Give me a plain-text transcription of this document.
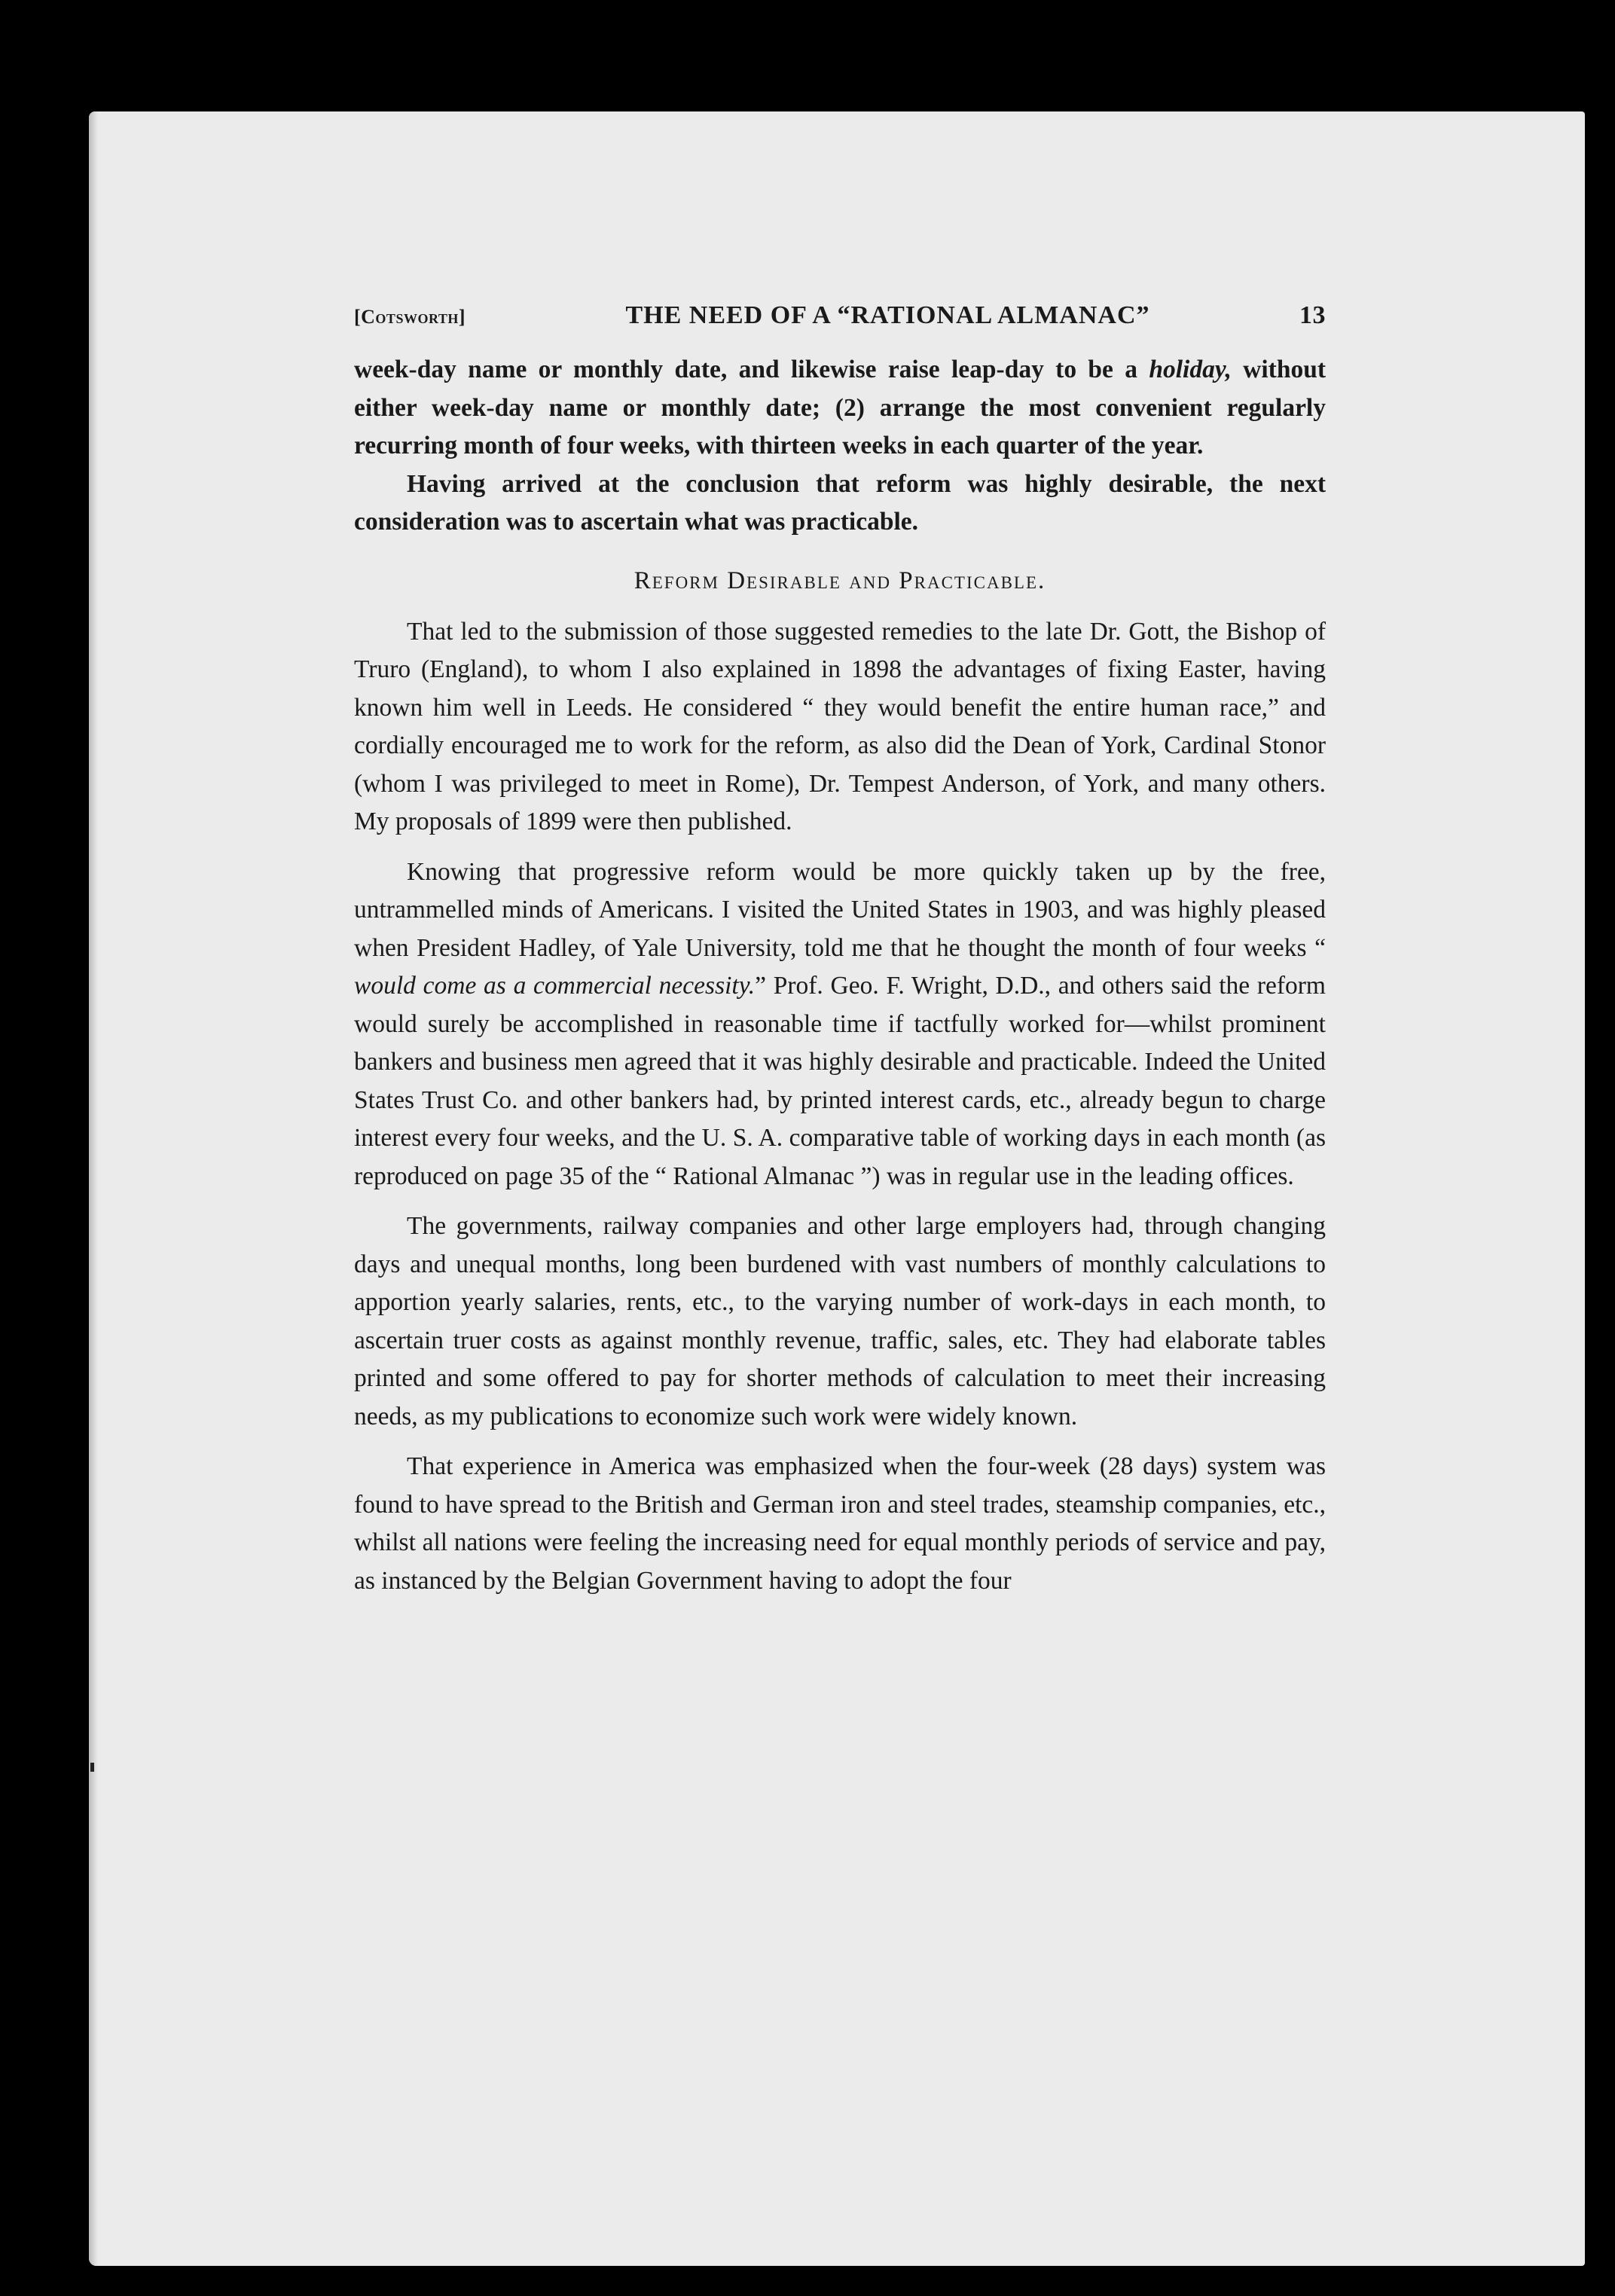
[Cotsworth]	THE NEED OF A “RATIONAL ALMANAC”	13

week-day name or monthly date, and likewise raise leap-day to be a holiday, without either week-day name or monthly date; (2) arrange the most convenient regularly recurring month of four weeks, with thirteen weeks in each quarter of the year.

Having arrived at the conclusion that reform was highly desirable, the next consideration was to ascertain what was practicable.

Reform Desirable and Practicable.

That led to the submission of those suggested remedies to the late Dr. Gott, the Bishop of Truro (England), to whom I also explained in 1898 the advantages of fixing Easter, having known him well in Leeds. He considered “ they would benefit the entire human race,” and cordially encouraged me to work for the reform, as also did the Dean of York, Cardinal Stonor (whom I was privileged to meet in Rome), Dr. Tempest Anderson, of York, and many others. My proposals of 1899 were then published.

Knowing that progressive reform would be more quickly taken up by the free, untrammelled minds of Americans. I visited the United States in 1903, and was highly pleased when President Hadley, of Yale University, told me that he thought the month of four weeks “ would come as a commercial necessity.” Prof. Geo. F. Wright, D.D., and others said the reform would surely be accomplished in reasonable time if tactfully worked for—whilst prominent bankers and business men agreed that it was highly desirable and practicable. Indeed the United States Trust Co. and other bankers had, by printed interest cards, etc., already begun to charge interest every four weeks, and the U. S. A. comparative table of working days in each month (as reproduced on page 35 of the “ Rational Almanac ”) was in regular use in the leading offices.

The governments, railway companies and other large employers had, through changing days and unequal months, long been burdened with vast numbers of monthly calculations to apportion yearly salaries, rents, etc., to the varying number of work-days in each month, to ascertain truer costs as against monthly revenue, traffic, sales, etc. They had elaborate tables printed and some offered to pay for shorter methods of calculation to meet their increasing needs, as my publications to economize such work were widely known.

That experience in America was emphasized when the four-week (28 days) system was found to have spread to the British and German iron and steel trades, steamship companies, etc., whilst all nations were feeling the increasing need for equal monthly periods of service and pay, as instanced by the Belgian Government having to adopt the four
